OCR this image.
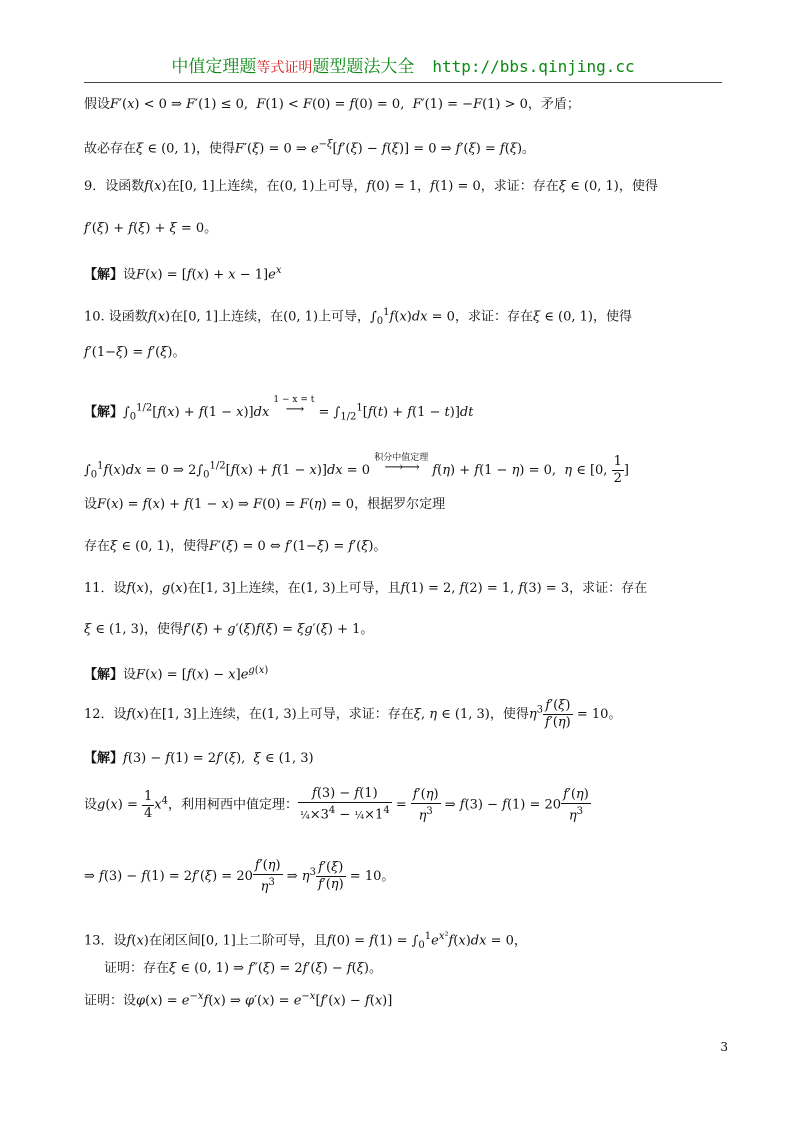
中值定理题等式证明题型题法大全 http://bbs.qinjing.cc
假设F′(x) < 0 ⇒ F′(1) ≤ 0,  F(1) < F(0) = f(0) = 0,  F′(1) = −F(1) > 0，矛盾；
故必存在ξ ∈ (0, 1)，使得F′(ξ) = 0 ⇒ $e^{-\xi}[f'(\xi) - f(\xi)] = 0$ ⇒ f′(ξ) = f(ξ)。
9．设函数f(x)在[0, 1]上连续，在(0, 1)上可导，f(0) = 1，f(1) = 0，求证：存在ξ ∈ (0, 1)，使得
f′(ξ) + f(ξ) + ξ = 0。
【解】设$F(x) = [f(x) + x - 1]e^x$
10. 设函数f(x)在[0, 1]上连续，在(0, 1)上可导，$\int_0^1f(x)dx = 0$，求证：存在ξ ∈ (0, 1)，使得
f′(1−ξ) = f′(ξ)。
【解】$\int_0^{1/2}[f(x) + f(1 - x)]dx$
1 − x = t
⟶ = $\int_{1/2}^1[f(t) + f(1 - t)]dt$
$\int_0^1f(x)dx = 0$ ⇒ $2\int_0^{1/2}[f(x) + f(1 - x)]dx = 0$
积分中值定理
⟶⟶	f(η) + f(1 − η) = 0,  η ∈ [0, $\frac{1}{2}$ ]
设F(x) = f(x) + f(1 − x) ⇒ F(0) = F(η) = 0，根据罗尔定理
存在ξ ∈ (0, 1)，使得F′(ξ) = 0 ⇔ f′(1−ξ) = f′(ξ)。
11．设f(x)，g(x)在[1, 3]上连续，在(1, 3)上可导，且f(1) = 2, f(2) = 1, f(3) = 3，求证：存在
ξ ∈ (1, 3)，使得f′(ξ) + g′(ξ)f(ξ) = ξg′(ξ) + 1。
【解】设$F(x) = [f(x) - x]e^{g(x)}$
12．设f(x)在[1, 3]上连续，在(1, 3)上可导，求证：存在ξ, η ∈ (1, 3)，使得$\eta^3 \frac{f'(\xi)}{f'(\eta)} = 10$。
【解】f(3) − f(1) = 2f′(ξ),  ξ ∈ (1, 3)
设$g(x) = \frac{1}{4} x^4$，利用柯西中值定理： $\frac{f(3) - f(1)}{\frac{1}{4}\times 3^4 - \frac{1}{4}\times 1^4} = \frac{f'(\eta)}{\eta^3}$ ⇒ $f(3) - f(1) = 20 \frac{f'(\eta)}{\eta^3}$
⇒ $f(3) - f(1) = 2f'(\xi) = 20 \frac{f'(\eta)}{\eta^3}$ ⇒ $\eta^3 \frac{f'(\xi)}{f'(\eta)} = 10$。
13．设f(x)在闭区间[0, 1]上二阶可导，且$f(0) = f(1) = \int_0^1e^{x^2}f(x)dx = 0$，
证明：存在ξ ∈ (0, 1) ⇒ f″(ξ) = 2f′(ξ) − f(ξ)。
证明：设$\varphi(x) = e^{-x}f(x)$ ⇒ $\varphi'(x) = e^{-x}[f'(x) - f(x)]$
3
